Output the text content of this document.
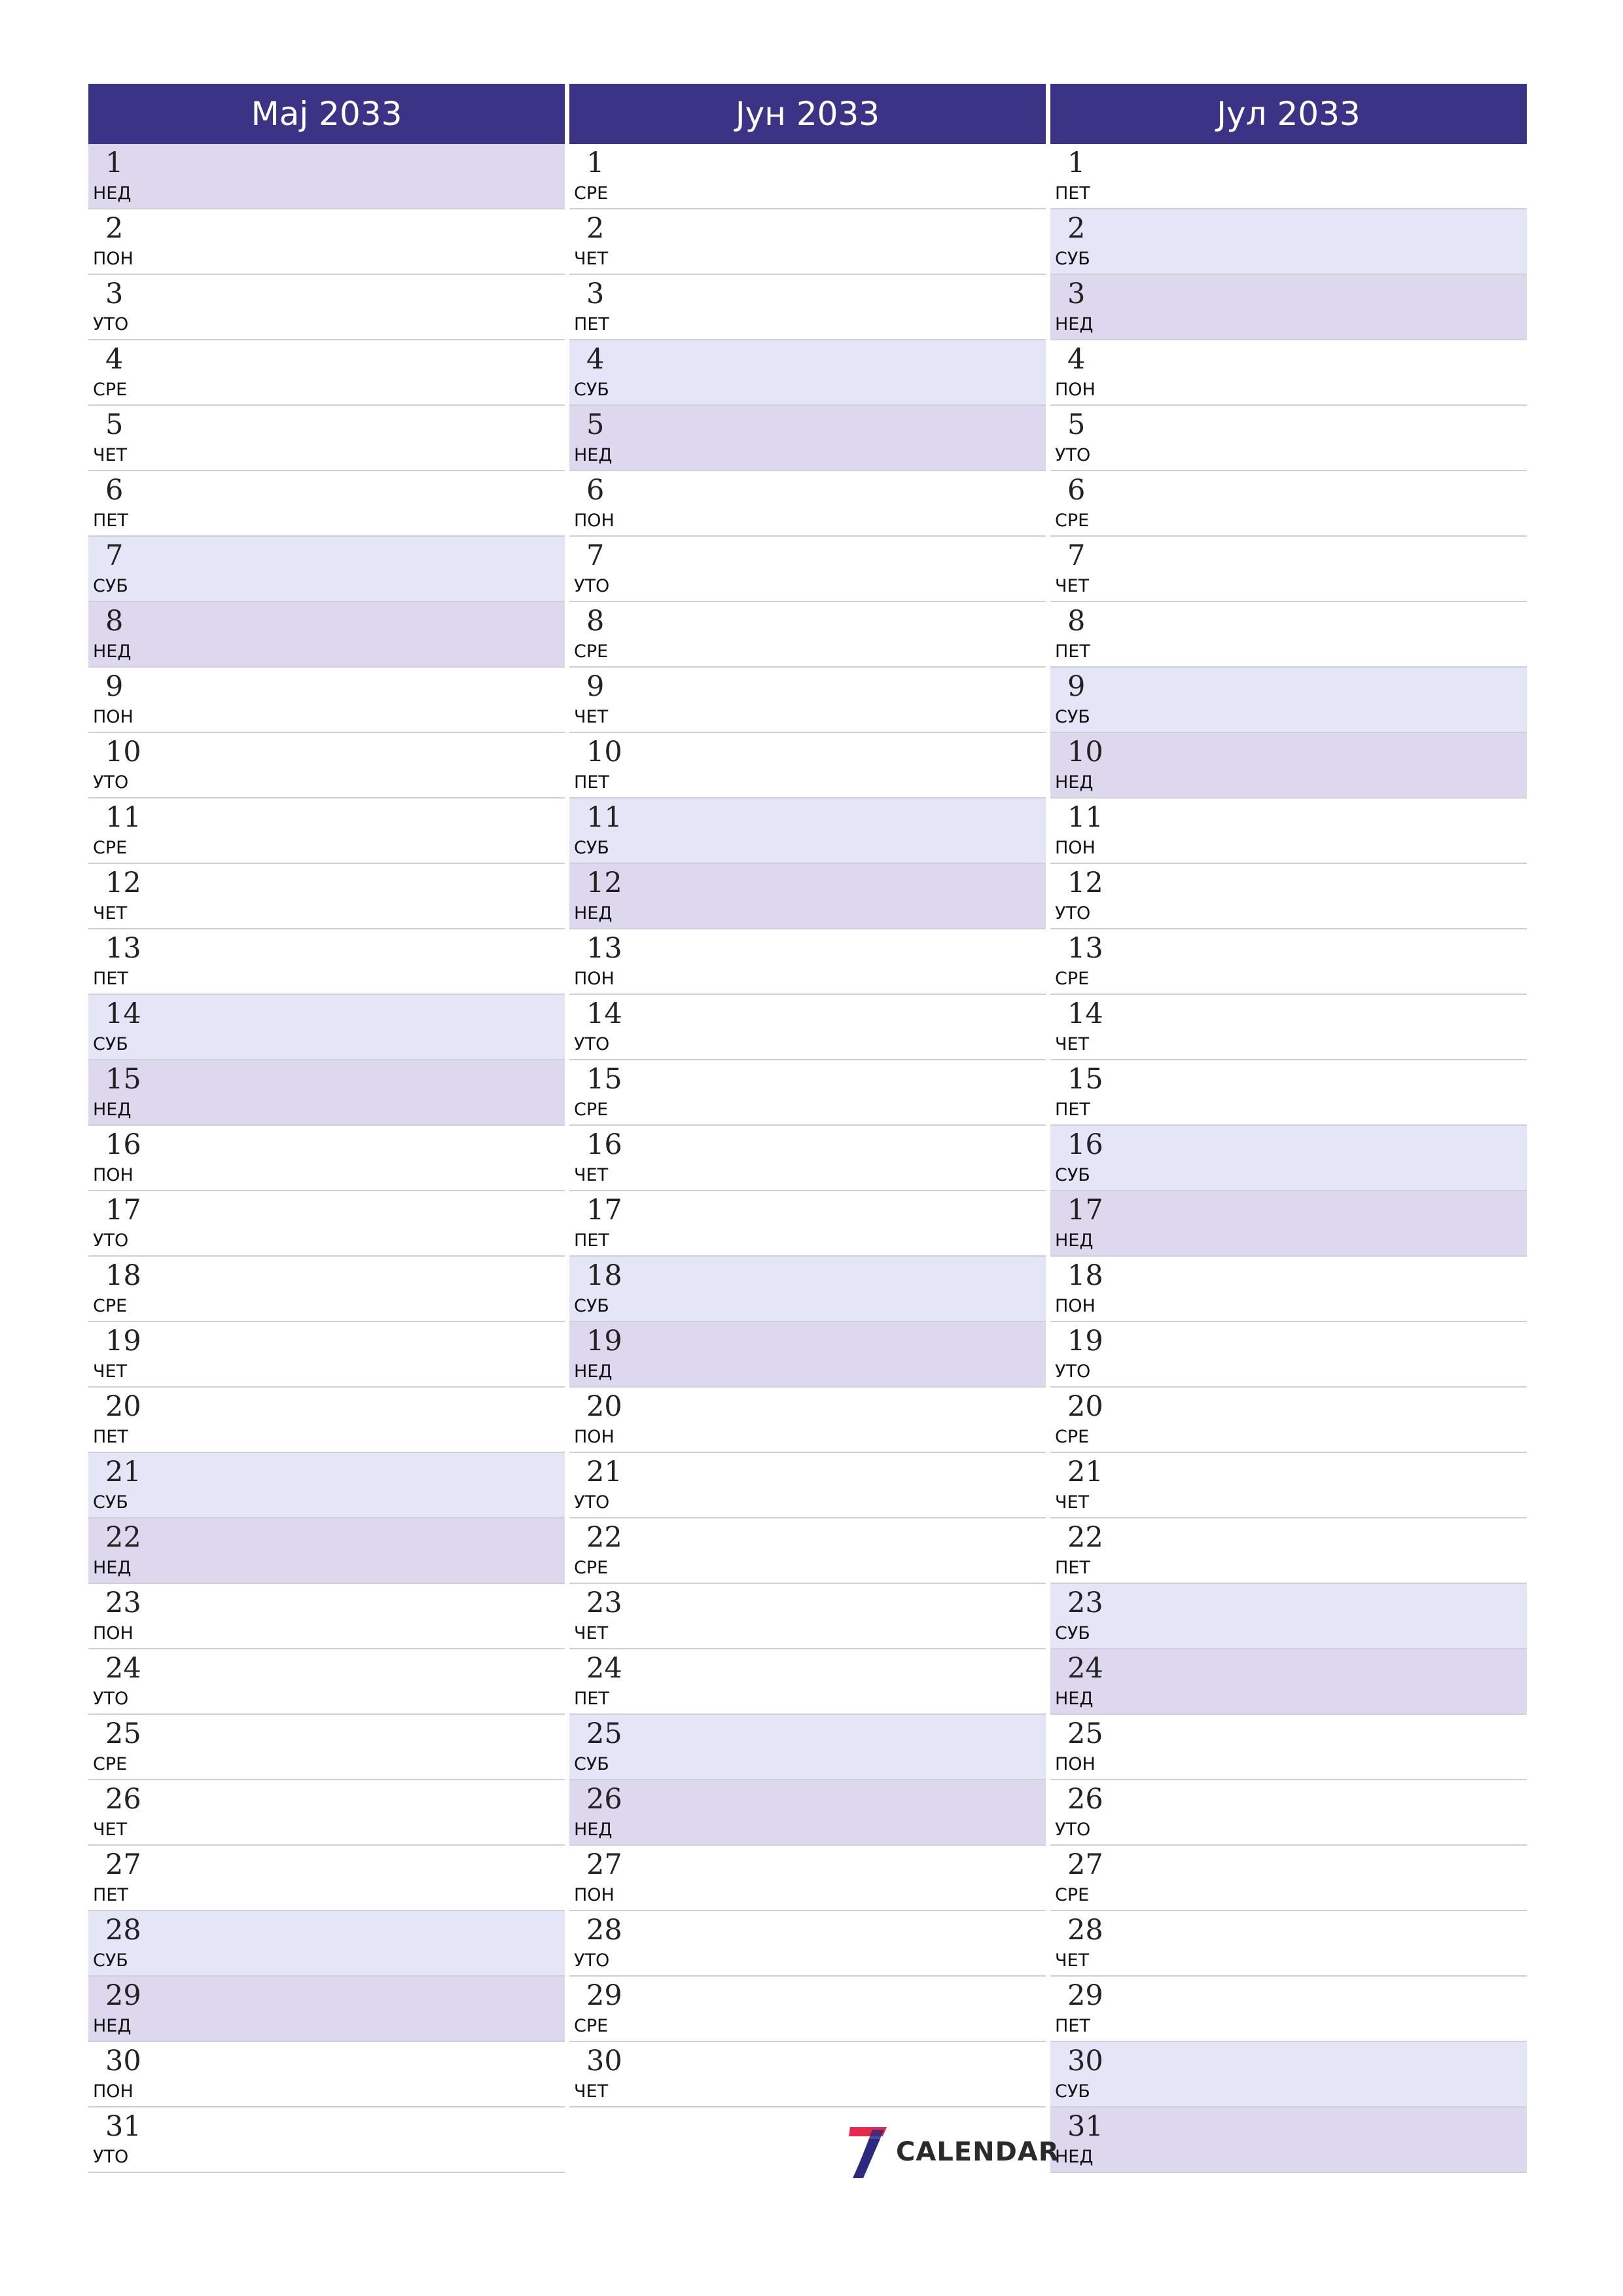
Мај 2033
1
НЕД
2
ПОН
3
УТО
4
СРЕ
5
ЧЕТ
6
ПЕТ
7
СУБ
8
НЕД
9
ПОН
10
УТО
11
СРЕ
12
ЧЕТ
13
ПЕТ
14
СУБ
15
НЕД
16
ПОН
17
УТО
18
СРЕ
19
ЧЕТ
20
ПЕТ
21
СУБ
22
НЕД
23
ПОН
24
УТО
25
СРЕ
26
ЧЕТ
27
ПЕТ
28
СУБ
29
НЕД
30
ПОН
31
УТО
Јун 2033
1
СРЕ
2
ЧЕТ
3
ПЕТ
4
СУБ
5
НЕД
6
ПОН
7
УТО
8
СРЕ
9
ЧЕТ
10
ПЕТ
11
СУБ
12
НЕД
13
ПОН
14
УТО
15
СРЕ
16
ЧЕТ
17
ПЕТ
18
СУБ
19
НЕД
20
ПОН
21
УТО
22
СРЕ
23
ЧЕТ
24
ПЕТ
25
СУБ
26
НЕД
27
ПОН
28
УТО
29
СРЕ
30
ЧЕТ
Јул 2033
1
ПЕТ
2
СУБ
3
НЕД
4
ПОН
5
УТО
6
СРЕ
7
ЧЕТ
8
ПЕТ
9
СУБ
10
НЕД
11
ПОН
12
УТО
13
СРЕ
14
ЧЕТ
15
ПЕТ
16
СУБ
17
НЕД
18
ПОН
19
УТО
20
СРЕ
21
ЧЕТ
22
ПЕТ
23
СУБ
24
НЕД
25
ПОН
26
УТО
27
СРЕ
28
ЧЕТ
29
ПЕТ
30
СУБ
31
НЕД
CALENDAR
